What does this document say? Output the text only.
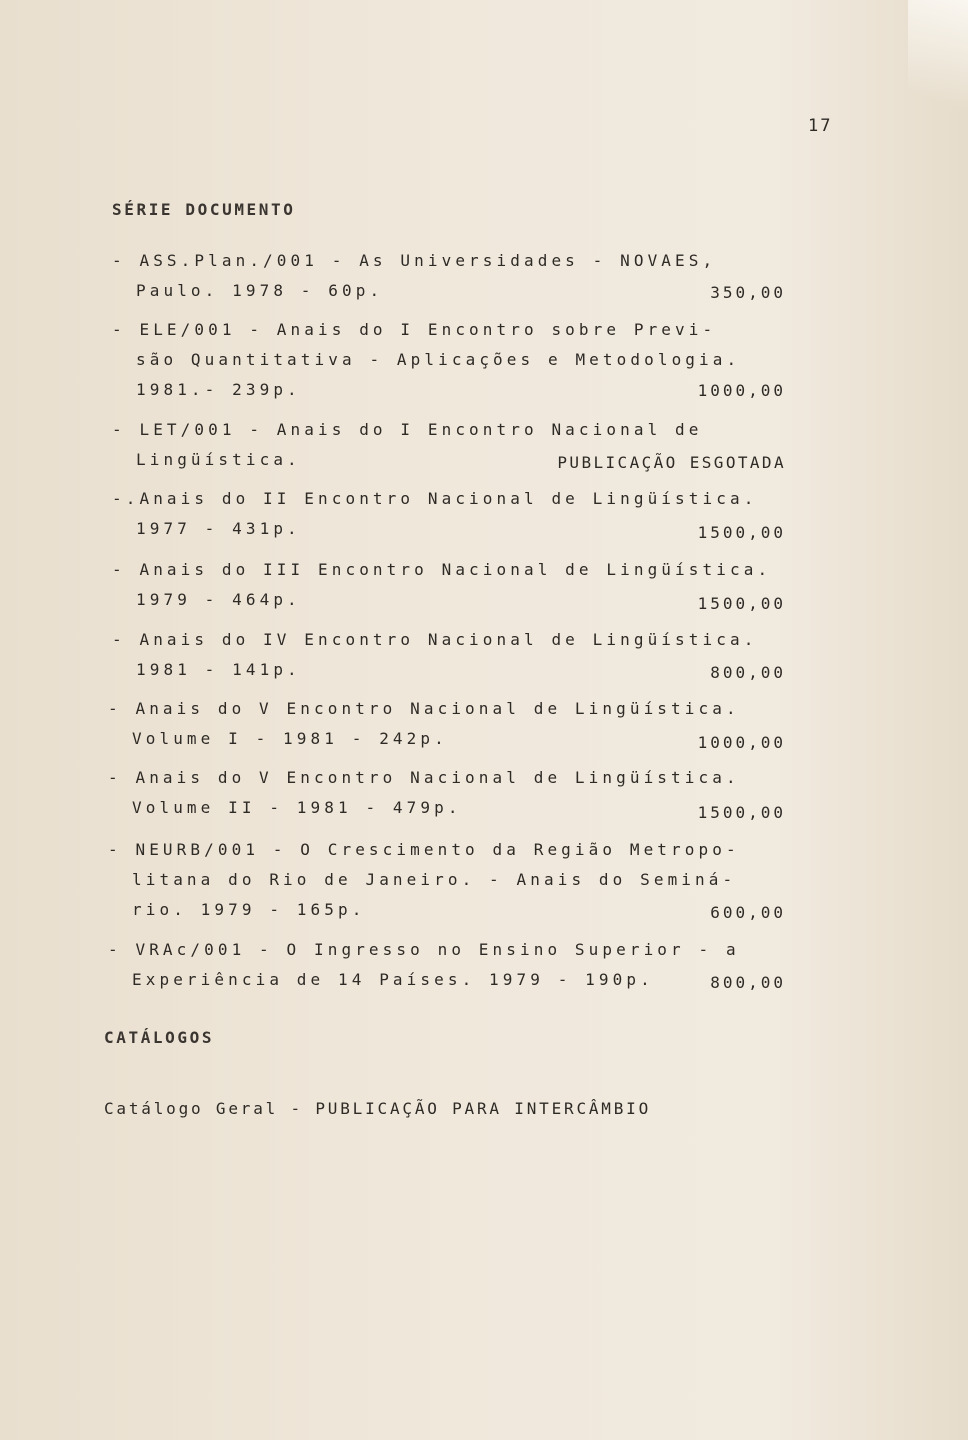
17
SÉRIE DOCUMENTO
- ASS.Plan./001 - As Universidades - NOVAES,
Paulo. 1978 - 60p.	350,00
- ELE/001 - Anais do I Encontro sobre Previ-
são Quantitativa - Aplicações e Metodologia.
1981.- 239p.	1000,00
- LET/001 - Anais do I Encontro Nacional de
Lingüística.	PUBLICAÇÃO ESGOTADA
-.Anais do II Encontro Nacional de Lingüística.
1977 - 431p.	1500,00
- Anais do III Encontro Nacional de Lingüística.
1979 - 464p.	1500,00
- Anais do IV Encontro Nacional de Lingüística.
1981 - 141p.	800,00
- Anais do V Encontro Nacional de Lingüística.
Volume I - 1981 - 242p.	1000,00
- Anais do V Encontro Nacional de Lingüística.
Volume II - 1981 - 479p.	1500,00
- NEURB/001 - O Crescimento da Região Metropo-
litana do Rio de Janeiro. - Anais do Seminá-
rio. 1979 - 165p.	600,00
- VRAc/001 - O Ingresso no Ensino Superior - a
Experiência de 14 Países. 1979 - 190p.	800,00
CATÁLOGOS
Catálogo Geral - PUBLICAÇÃO PARA INTERCÂMBIO
